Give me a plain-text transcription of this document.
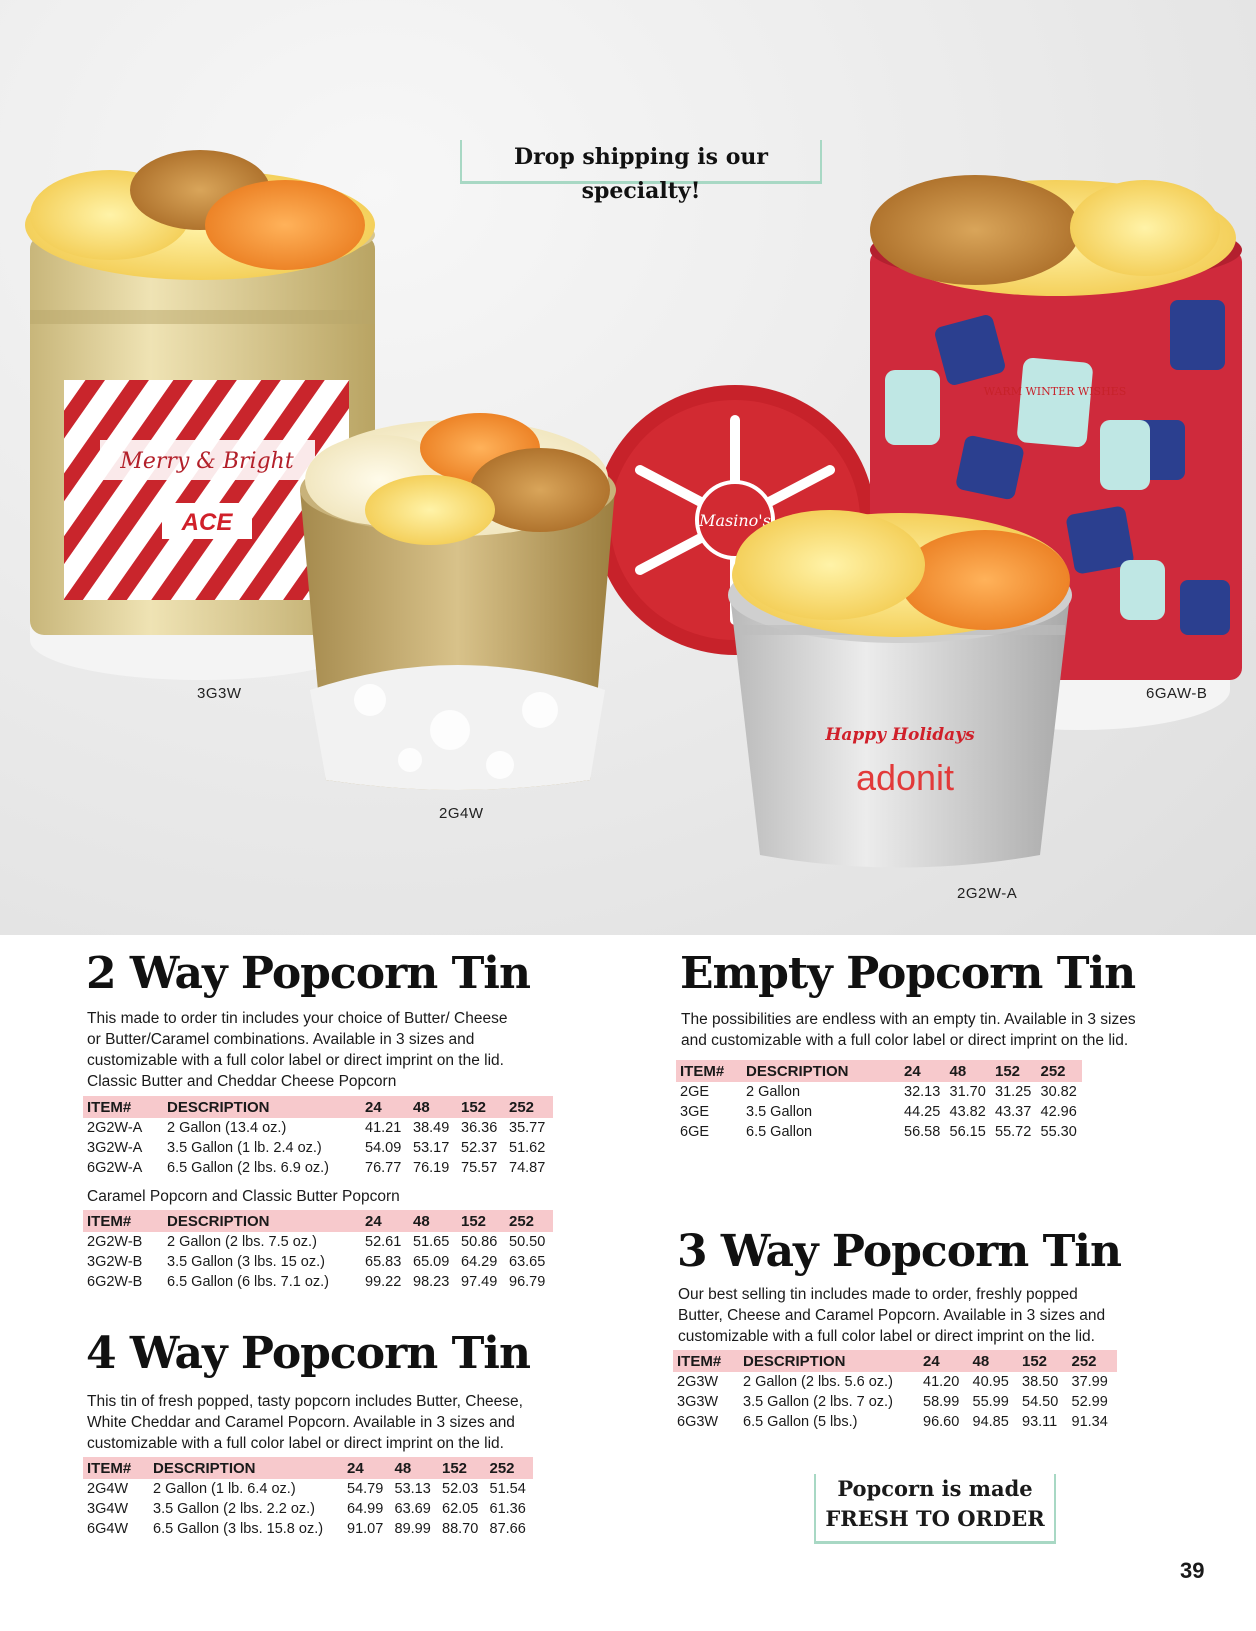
Merry & Bright
ACE	Masino's
WARM WINTER WISHES
Happy Holidays
adonit
Drop shipping is our specialty!
3G3W
2G4W
2G2W-A
6GAW-B
2 Way Popcorn Tin
This made to order tin includes your choice of Butter/ Cheese
or Butter/Caramel combinations. Available in 3 sizes and
customizable with a full color label or direct imprint on the lid.
Classic Butter and Cheddar Cheese Popcorn
ITEM#	DESCRIPTION	24	48	152	252
2G2W-A	2 Gallon (13.4 oz.)	41.21	38.49	36.36	35.77
3G2W-A	3.5 Gallon (1 lb. 2.4 oz.)	54.09	53.17	52.37	51.62
6G2W-A	6.5 Gallon (2 lbs. 6.9 oz.)	76.77	76.19	75.57	74.87
Caramel Popcorn and Classic Butter Popcorn
ITEM#	DESCRIPTION	24	48	152	252
2G2W-B	2 Gallon (2 lbs. 7.5 oz.)	52.61	51.65	50.86	50.50
3G2W-B	3.5 Gallon (3 lbs. 15 oz.)	65.83	65.09	64.29	63.65
6G2W-B	6.5 Gallon (6 lbs. 7.1 oz.)	99.22	98.23	97.49	96.79
4 Way Popcorn Tin
This tin of fresh popped, tasty popcorn includes Butter, Cheese,
White Cheddar and Caramel Popcorn. Available in 3 sizes and
customizable with a full color label or direct imprint on the lid.
ITEM#	DESCRIPTION	24	48	152	252
2G4W	2 Gallon (1 lb. 6.4 oz.)	54.79	53.13	52.03	51.54
3G4W	3.5 Gallon (2 lbs. 2.2 oz.)	64.99	63.69	62.05	61.36
6G4W	6.5 Gallon (3 lbs. 15.8 oz.)	91.07	89.99	88.70	87.66
Empty Popcorn Tin
The possibilities are endless with an empty tin. Available in 3 sizes
and customizable with a full color label or direct imprint on the lid.
ITEM#	DESCRIPTION	24	48	152	252
2GE	2 Gallon	32.13	31.70	31.25	30.82
3GE	3.5 Gallon	44.25	43.82	43.37	42.96
6GE	6.5 Gallon	56.58	56.15	55.72	55.30
3 Way Popcorn Tin
Our best selling tin includes made to order, freshly popped
Butter, Cheese and Caramel Popcorn. Available in 3 sizes and
customizable with a full color label or direct imprint on the lid.
ITEM#	DESCRIPTION	24	48	152	252
2G3W	2 Gallon (2 lbs. 5.6 oz.)	41.20	40.95	38.50	37.99
3G3W	3.5 Gallon (2 lbs. 7 oz.)	58.99	55.99	54.50	52.99
6G3W	6.5 Gallon (5 lbs.)	96.60	94.85	93.11	91.34
Popcorn is made
FRESH TO ORDER
39
